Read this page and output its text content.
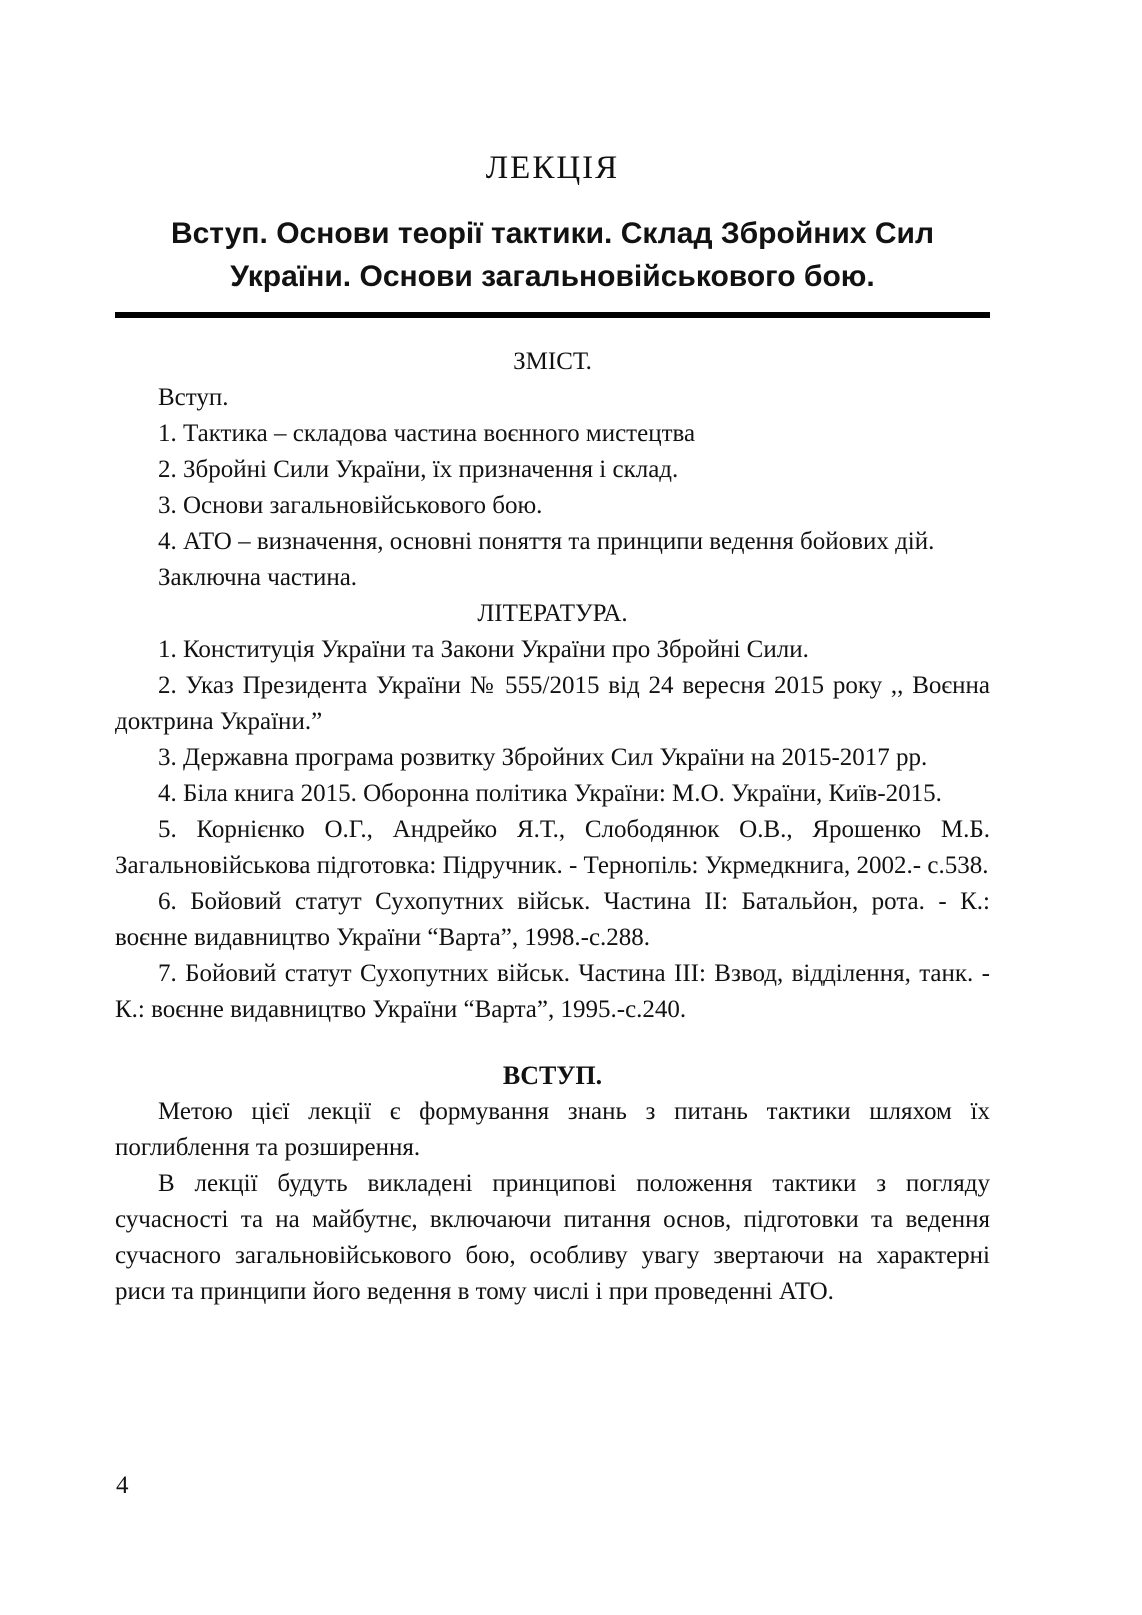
ЛЕКЦІЯ
Вступ. Основи теорії тактики. Склад Збройних Сил України. Основи загальновійськового бою.
ЗМІСТ.

Вступ.

1. Тактика – складова частина воєнного мистецтва

2. Збройні Сили України, їх призначення і склад.

3. Основи загальновійськового бою.

4. АТО – визначення, основні поняття та принципи ведення бойових дій.

Заключна частина.

ЛІТЕРАТУРА.

1. Конституція України та Закони України про Збройні Сили.

2. Указ Президента України № 555/2015 від 24 вересня 2015 року ,, Воєнна доктрина України.”

3. Державна програма розвитку Збройних Сил України на 2015-2017 рр.

4. Біла книга 2015. Оборонна політика України: М.О. України, Київ-2015.

5. Корнієнко О.Г., Андрейко Я.Т., Слободянюк О.В., Ярошенко М.Б. Загальновійськова підготовка: Підручник. - Тернопіль: Укрмедкнига, 2002.- с.538.

6. Бойовий статут Сухопутних військ. Частина ІІ: Батальйон, рота. - К.: воєнне видавництво України “Варта”, 1998.-с.288.

7. Бойовий статут Сухопутних військ. Частина ІІІ: Взвод, відділення, танк. - К.: воєнне видавництво України “Варта”, 1995.-с.240.

ВСТУП.

Метою цієї лекції є формування знань з питань тактики шляхом їх поглиблення та розширення.

В лекції будуть викладені принципові положення тактики з погляду сучасності та на майбутнє, включаючи питання основ, підготовки та ведення сучасного загальновійськового бою, особливу увагу звертаючи на характерні риси та принципи його ведення в тому числі і при проведенні АТО.

4
